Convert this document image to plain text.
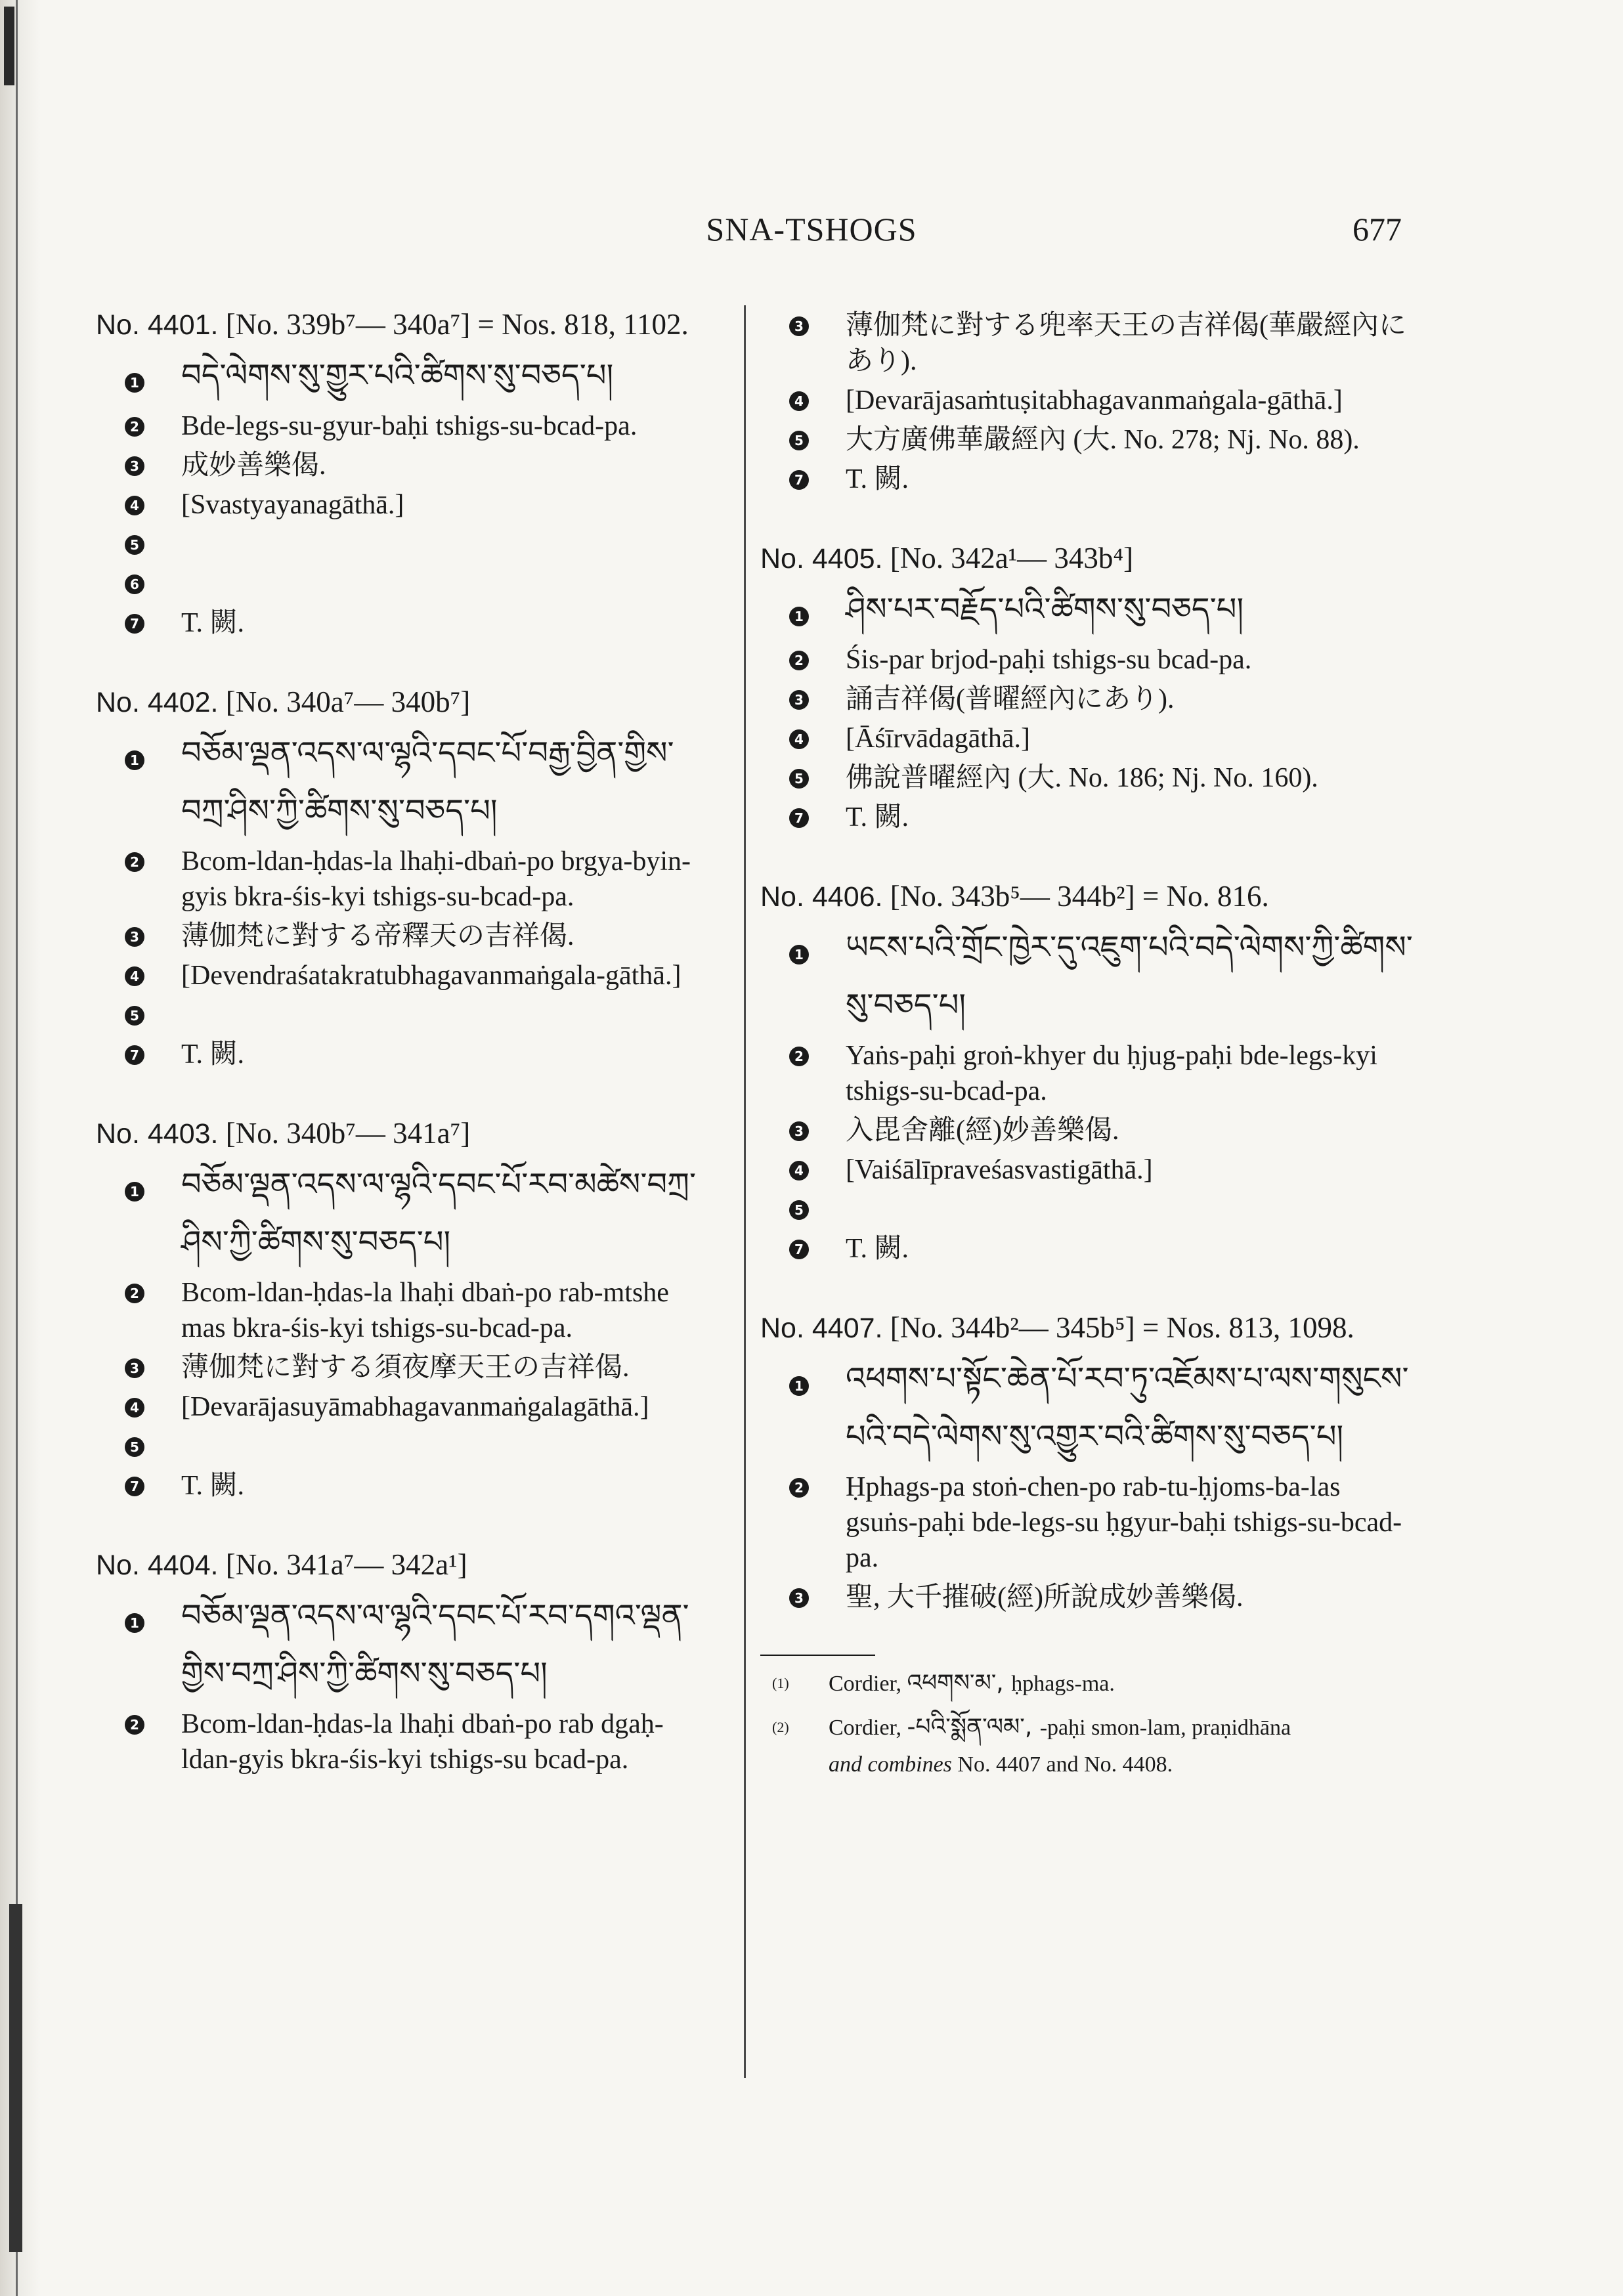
SNA-TSHOGS	677
No. 4401. [No. 339b⁷— 340a⁷] = Nos. 818, 1102.
1 བདེ་ལེགས་སུ་གྱུར་པའི་ཚིགས་སུ་བཅད་པ།
2 Bde-legs-su-gyur-baḥi tshigs-su-bcad-pa.
3 成妙善樂偈.
4 [Svastyayanagāthā.]
5
6
7 T. 闕.
No. 4402. [No. 340a⁷— 340b⁷]
1 བཅོམ་ལྡན་འདས་ལ་ལྷའི་དབང་པོ་བརྒྱ་བྱིན་གྱིས་བཀྲ་ཤིས་ཀྱི་ཚིགས་སུ་བཅད་པ།
2 Bcom-ldan-ḥdas-la lhaḥi-dbaṅ-po brgya-byin-gyis bkra-śis-kyi tshigs-su-bcad-pa.
3 薄伽梵に對する帝釋天の吉祥偈.
4 [Devendraśatakratubhagavanmaṅgala-gāthā.]
5
7 T. 闕.
No. 4403. [No. 340b⁷— 341a⁷]
1 བཅོམ་ལྡན་འདས་ལ་ལྷའི་དབང་པོ་རབ་མཚེས་བཀྲ་ཤིས་ཀྱི་ཚིགས་སུ་བཅད་པ།
2 Bcom-ldan-ḥdas-la lhaḥi dbaṅ-po rab-mtshe mas bkra-śis-kyi tshigs-su-bcad-pa.
3 薄伽梵に對する須夜摩天王の吉祥偈.
4 [Devarājasuyāmabhagavanmaṅgalagāthā.]
5
7 T. 闕.
No. 4404. [No. 341a⁷— 342a¹]
1 བཅོམ་ལྡན་འདས་ལ་ལྷའི་དབང་པོ་རབ་དགའ་ལྡན་གྱིས་བཀྲ་ཤིས་ཀྱི་ཚིགས་སུ་བཅད་པ།
2 Bcom-ldan-ḥdas-la lhaḥi dbaṅ-po rab dgaḥ-ldan-gyis bkra-śis-kyi tshigs-su bcad-pa.
3 薄伽梵に對する兜率天王の吉祥偈(華嚴經內にあり).
4 [Devarājasaṁtuṣitabhagavanmaṅgala-gāthā.]
5 大方廣佛華嚴經內 (大. No. 278; Nj. No. 88).
7 T. 闕.
No. 4405. [No. 342a¹— 343b⁴]
1 ཤིས་པར་བརྗོད་པའི་ཚིགས་སུ་བཅད་པ།
2 Śis-par brjod-paḥi tshigs-su bcad-pa.
3 誦吉祥偈(普曜經內にあり).
4 [Āśīrvādagāthā.]
5 佛說普曜經內 (大. No. 186; Nj. No. 160).
7 T. 闕.
No. 4406. [No. 343b⁵— 344b²] = No. 816.
1 ཡངས་པའི་གྲོང་ཁྱེར་དུ་འཇུག་པའི་བདེ་ལེགས་ཀྱི་ཚིགས་སུ་བཅད་པ།
2 Yaṅs-paḥi groṅ-khyer du ḥjug-paḥi bde-legs-kyi tshigs-su-bcad-pa.
3 入毘舍離(經)妙善樂偈.
4 [Vaiśālīpraveśasvastigāthā.]
5
7 T. 闕.
No. 4407. [No. 344b²— 345b⁵] = Nos. 813, 1098.
1 འཕགས་པ་སྟོང་ཆེན་པོ་རབ་ཏུ་འཇོམས་པ་ལས་གསུངས་པའི་བདེ་ལེགས་སུ་འགྱུར་བའི་ཚིགས་སུ་བཅད་པ།
2 Ḥphags-pa stoṅ-chen-po rab-tu-ḥjoms-ba-las gsuṅs-paḥi bde-legs-su ḥgyur-baḥi tshigs-su-bcad-pa.
3 聖, 大千摧破(經)所說成妙善樂偈.
(1) Cordier, འཕགས་མ་, ḥphags-ma.
(2) Cordier, -པའི་སྨོན་ལམ་, -paḥi smon-lam, praṇidhāna
and combines No. 4407 and No. 4408.
